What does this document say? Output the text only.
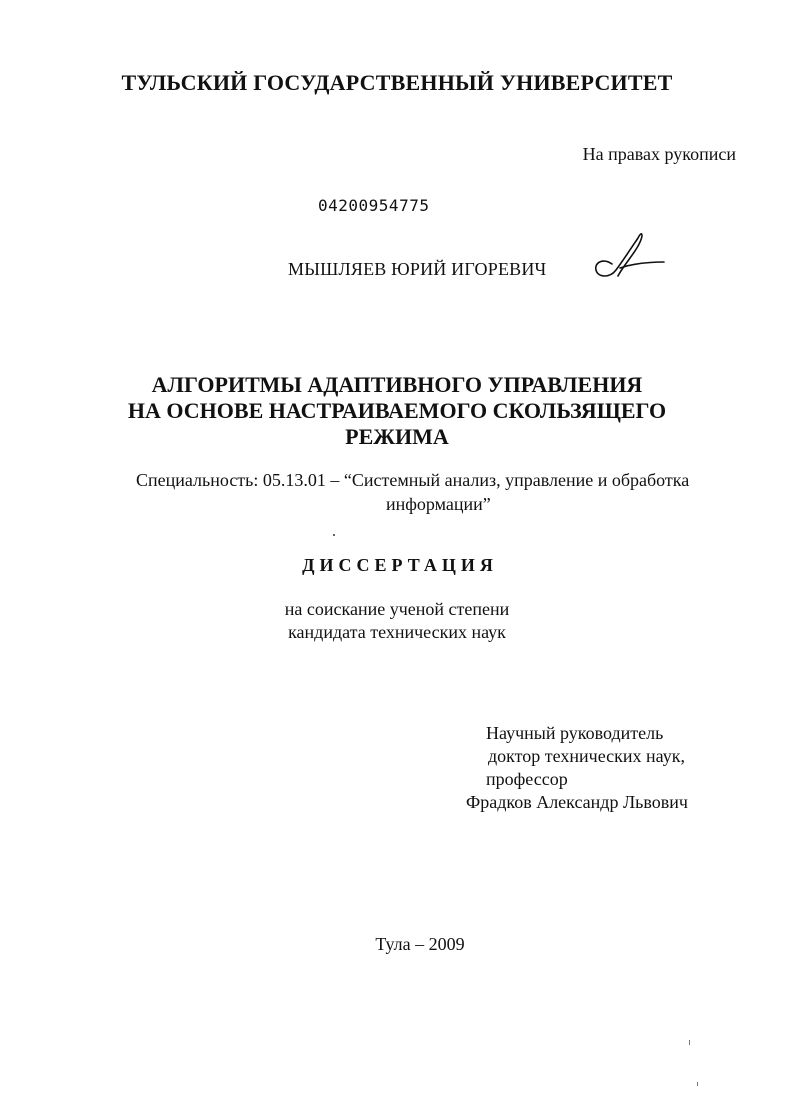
ТУЛЬСКИЙ ГОСУДАРСТВЕННЫЙ УНИВЕРСИТЕТ
На правах рукописи
04200954775
МЫШЛЯЕВ ЮРИЙ ИГОРЕВИЧ
АЛГОРИТМЫ АДАПТИВНОГО УПРАВЛЕНИЯ
НА ОСНОВЕ НАСТРАИВАЕМОГО СКОЛЬЗЯЩЕГО
РЕЖИМА
Специальность: 05.13.01 – “Системный анализ, управление и обработка
информации”
ДИССЕРТАЦИЯ
на соискание ученой степени
кандидата технических наук
Научный руководитель
доктор технических наук,
профессор
Фрадков Александр Львович
Тула – 2009
